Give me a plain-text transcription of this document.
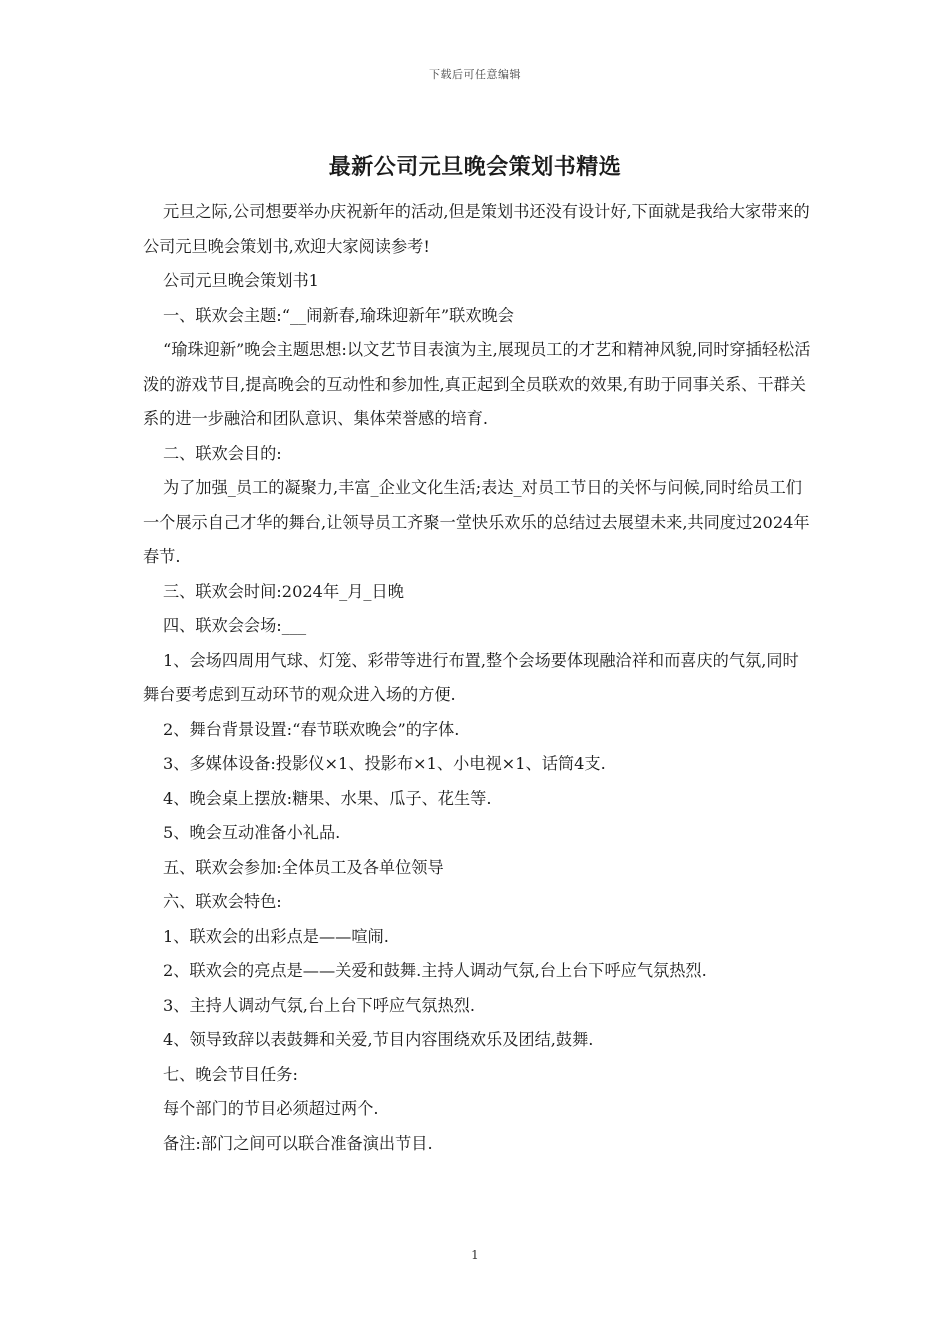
下载后可任意编辑
最新公司元旦晚会策划书精选

元旦之际,公司想要举办庆祝新年的活动,但是策划书还没有设计好,下面就是我给大家带来的公司元旦晚会策划书,欢迎大家阅读参考!

公司元旦晚会策划书1

一、联欢会主题:“__闹新春,瑜珠迎新年”联欢晚会

“瑜珠迎新”晚会主题思想:以文艺节目表演为主,展现员工的才艺和精神风貌,同时穿插轻松活泼的游戏节目,提高晚会的互动性和参加性,真正起到全员联欢的效果,有助于同事关系、干群关系的进一步融洽和团队意识、集体荣誉感的培育.

二、联欢会目的:

为了加强_员工的凝聚力,丰富_企业文化生活;表达_对员工节日的关怀与问候,同时给员工们一个展示自己才华的舞台,让领导员工齐聚一堂快乐欢乐的总结过去展望未来,共同度过2024年春节.

三、联欢会时间:2024年_月_日晚

四、联欢会会场:___

1、会场四周用气球、灯笼、彩带等进行布置,整个会场要体现融洽祥和而喜庆的气氛,同时舞台要考虑到互动环节的观众进入场的方便.

2、舞台背景设置:“春节联欢晚会”的字体.

3、多媒体设备:投影仪×1、投影布×1、小电视×1、话筒4支.

4、晚会桌上摆放:糖果、水果、瓜子、花生等.

5、晚会互动准备小礼品.

五、联欢会参加:全体员工及各单位领导

六、联欢会特色:

1、联欢会的出彩点是——喧闹.

2、联欢会的亮点是——关爱和鼓舞.主持人调动气氛,台上台下呼应气氛热烈.

3、主持人调动气氛,台上台下呼应气氛热烈.

4、领导致辞以表鼓舞和关爱,节目内容围绕欢乐及团结,鼓舞.

七、晚会节目任务:

每个部门的节目必须超过两个.

备注:部门之间可以联合准备演出节目.

1
